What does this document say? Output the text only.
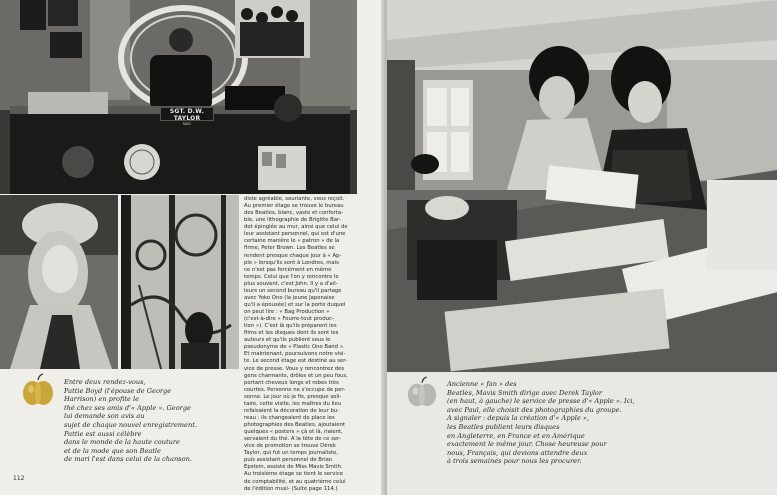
SGT. D.W. TAYLOR
RAEC
diste agréable, souriante, vous reçoit.
Au premier étage se trouve le bureau
des Beatles, blanc, vaste et conforta-
ble, une lithographie de Brigitte Bar-
dot épinglée au mur, ainsi que celui de
leur assistant personnel, qui est d'une
certaine manière le « patron » de la
firme, Peter Brown. Les Beatles se
rendent presque chaque jour à « Ap-
ple » lorsqu'ils sont à Londres, mais
ce n'est pas forcément en même
temps. Celui que l'on y rencontre le
plus souvent, c'est John. Il y a d'ail-
leurs un second bureau qu'il partage
avec Yoko Ono (la jeune Japonaise
qu'il a épousée) et sur la porte duquel
on peut lire : « Bag Production »
(c'est-à-dire « Fourre-tout produc-
tion »). C'est là qu'ils préparent les
films et les disques dont ils sont les
auteurs et qu'ils publient sous le
pseudonyme de « Plastic Ono Band ».
Et maintenant, poursuivons notre visi-
te. Le second étage est destiné au ser-
vice de presse. Vous y rencontrez des
gens charmants, drôles et un peu fous,
portant cheveux longs et robes très
courtes. Personne ne s'occupe de per-
sonne. Le jour où je fis, presque soli-
taire, cette visite, les maîtres du lieu
refaisaient la décoration de leur bu-
reau : ils changeaient de place les
photographies des Beatles, ajoutaient
quelques « posters » çà et là, riaient,
servaient du thé. A la tête de ce ser-
vice de promotion se trouve Derek
Taylor, qui fut un temps journaliste,
puis assistant personnel de Brian
Epstein, assisté de Miss Mavis Smith.
Au troisième étage se tient le service
de comptabilité, et au quatrième celui
de l'édition musi- (Suite page 114.)
Entre deux rendez-vous,
Pattie Boyd (l'épouse de George
Harrison) en profite le
thé chez ses amis d'« Apple ». George
lui demande son avis au
sujet de chaque nouvel enregistrement.
Pattie est aussi célèbre
dans le monde de la haute couture
et de la mode que son Beatle
de mari l'est dans celui de la chanson.
112
Ancienne « fan » des
Beatles, Mavis Smith dirige avec Derek Taylor
(en haut, à gauche) le service de presse d'« Apple ». Ici,
avec Paul, elle choisit des photographies du groupe.
A signaler : depuis la création d'« Apple »,
les Beatles publient leurs disques
en Angleterre, en France et en Amérique
exactement le même jour. Chose heureuse pour
nous, Français, qui devions attendre deux
à trois semaines pour nous les procurer.
